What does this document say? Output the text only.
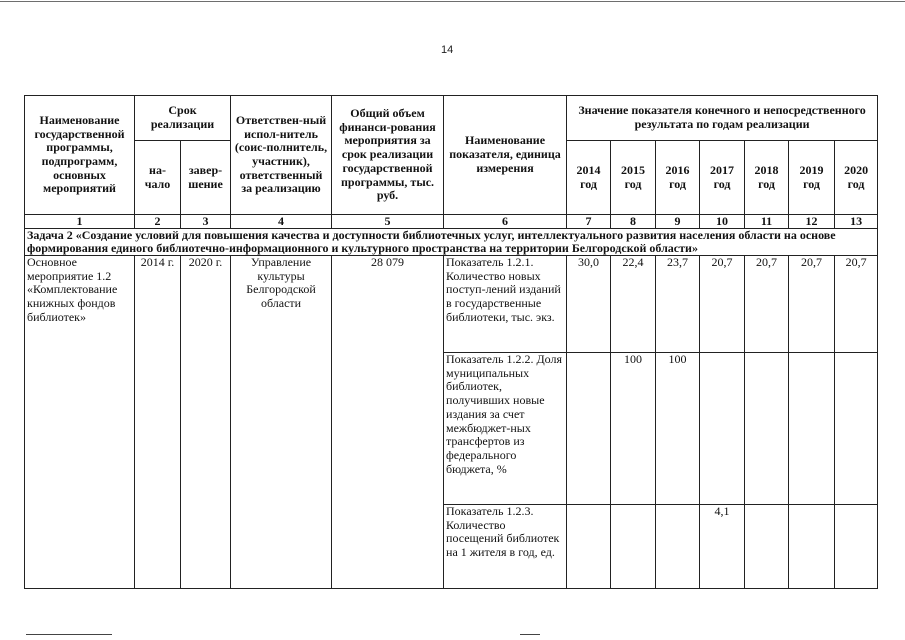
14
Наименование государственной программы, подпрограмм, основных мероприятий	Срок реализации		Ответствен-ный испол-нитель (соис-полнитель, участник), ответственный за реализацию	Общий объем финанси-рования мероприятия за срок реализации государственной программы, тыс. руб.	Наименование показателя, единица измерения	Значение показателя конечного и непосредственного результата по годам реализации						
	на-чало	завер-шение				2014 год	2015 год	2016 год	2017 год	2018 год	2019 год	2020 год
1	2	3	4	5	6	7	8	9	10	11	12	13
Задача 2 «Создание условий для повышения качества и доступности библиотечных услуг, интеллектуального развития населения области на основе формирования единого библиотечно-информационного и культурного пространства на территории Белгородской области»												
Основное мероприятие 1.2 «Комплектование книжных фондов библиотек»	2014 г.	2020 г.	Управление культуры Белгородской области	28 079	Показатель 1.2.1. Количество новых поступ-лений изданий в государственные библиотеки, тыс. экз.	30,0	22,4	23,7	20,7	20,7	20,7	20,7
					Показатель 1.2.2. Доля муниципальных библиотек, получивших новые издания за счет межбюджет-ных трансфертов из федерального бюджета, %		100	100				
					Показатель 1.2.3. Количество посещений библиотек на 1 жителя в год, ед.				4,1			
